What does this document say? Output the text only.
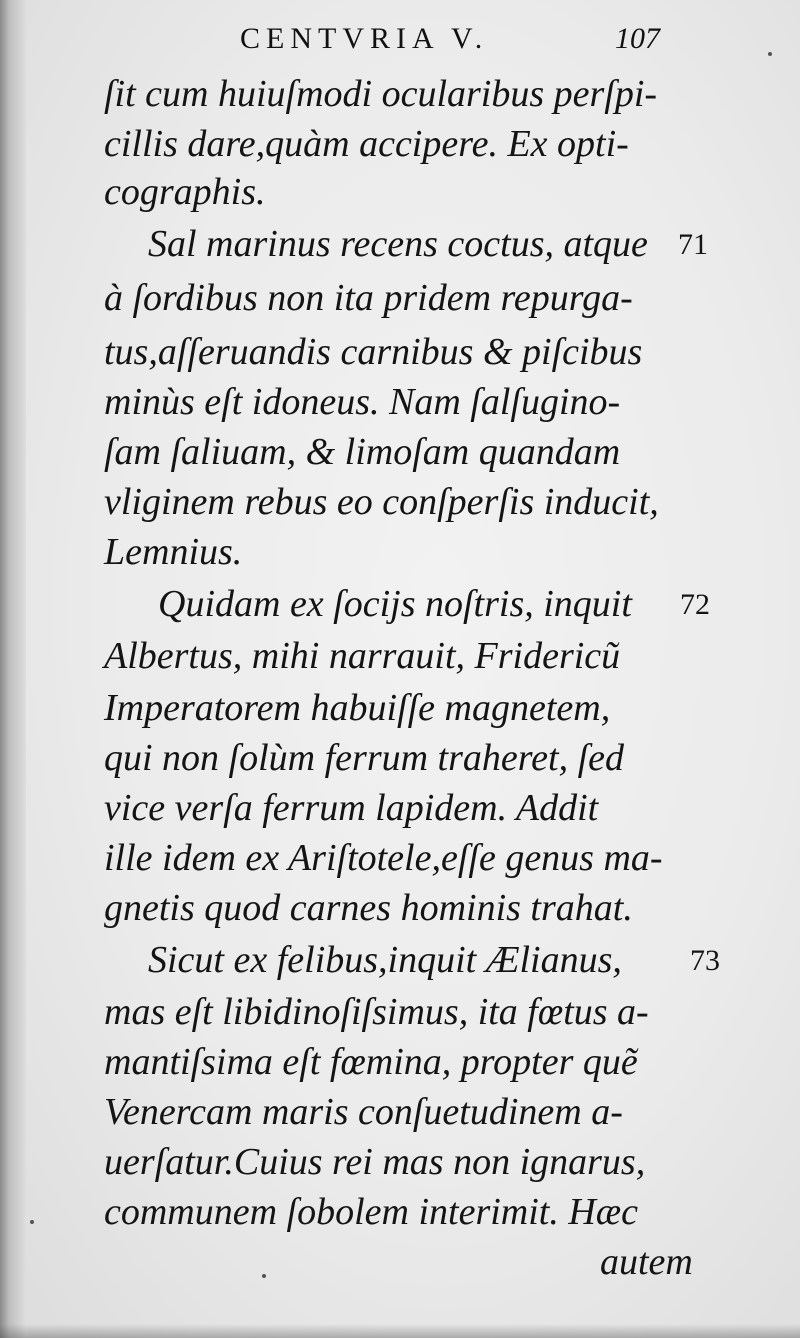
CENTVRIA V.	107
ſit cum huiuſmodi ocularibus perſpi-
cillis dare,quàm accipere. Ex opti-
cographis.
Sal marinus recens coctus, atque 71
à ſordibus non ita pridem repurga-
tus,aſſeruandis carnibus & piſcibus
minùs eſt idoneus. Nam ſalſugino-
ſam ſaliuam, & limoſam quandam
vliginem rebus eo conſperſis inducit,
Lemnius.
Quidam ex ſocijs noſtris, inquit 72
Albertus, mihi narrauit, Fridericũ
Imperatorem habuiſſe magnetem,
qui non ſolùm ferrum traheret, ſed
vice verſa ferrum lapidem. Addit
ille idem ex Ariſtotele,eſſe genus ma-
gnetis quod carnes hominis trahat.
Sicut ex felibus,inquit Ælianus, 73
mas eſt libidinoſiſsimus, ita fœtus a-
mantiſsima eſt fœmina, propter quẽ
Venercam maris conſuetudinem a-
uerſatur.Cuius rei mas non ignarus,
communem ſobolem interimit. Hæc
autem
